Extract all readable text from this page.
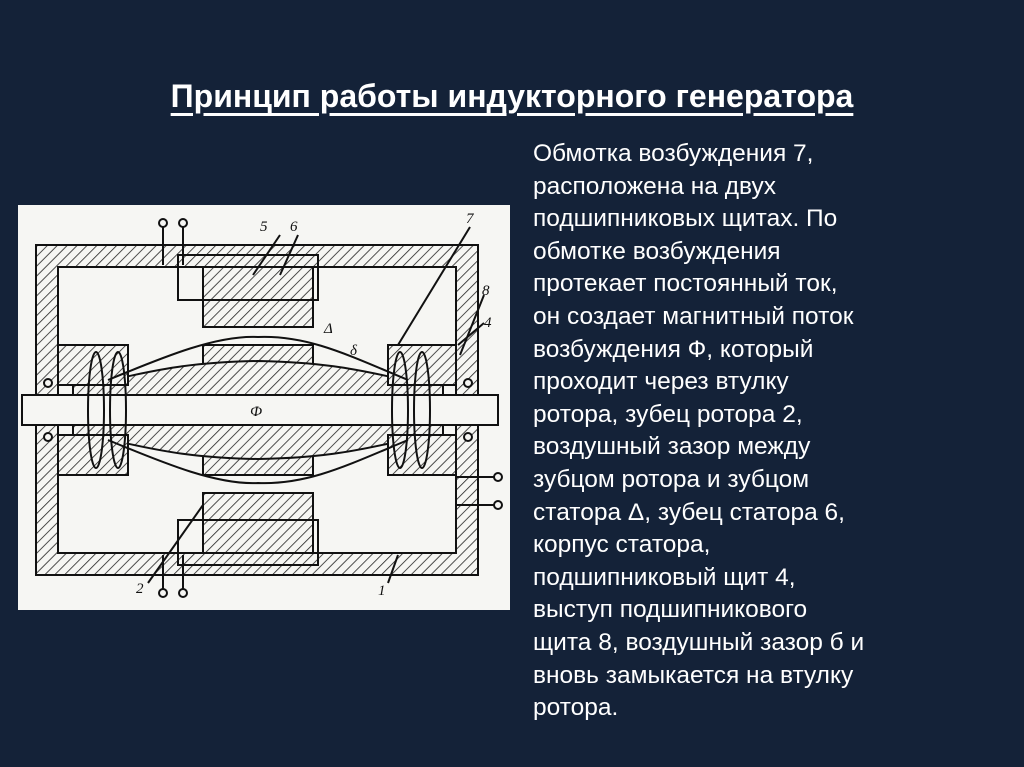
Принцип работы индукторного генератора
5 6	7
8
4
2	1
Ф
Δ
δ
Обмотка возбуждения 7,
расположена на двух
подшипниковых щитах. По
обмотке возбуждения
протекает постоянный ток,
он создает магнитный поток
возбуждения Ф, который
проходит через втулку
ротора, зубец ротора 2,
воздушный зазор между
зубцом ротора и зубцом
статора Δ, зубец статора 6,
корпус статора,
подшипниковый щит 4,
выступ подшипникового
щита 8, воздушный зазор б и
вновь замыкается на втулку
ротора.
